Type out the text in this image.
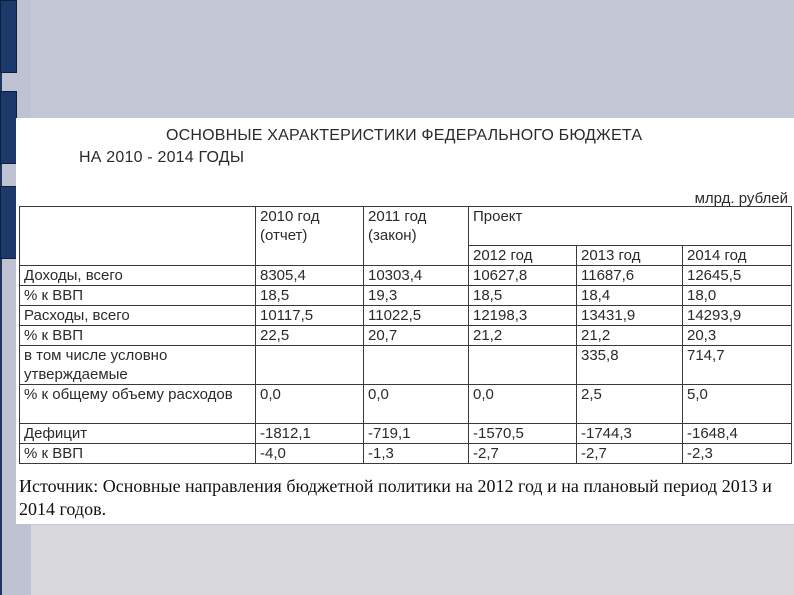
ОСНОВНЫЕ ХАРАКТЕРИСТИКИ ФЕДЕРАЛЬНОГО БЮДЖЕТА
НА 2010 - 2014 ГОДЫ
млрд. рублей
	2010 год (отчет)	2011 год (закон)	Проект		
			2012 год	2013 год	2014 год
Доходы, всего	8305,4	10303,4	10627,8	11687,6	12645,5
% к ВВП	18,5	19,3	18,5	18,4	18,0
Расходы, всего	10117,5	11022,5	12198,3	13431,9	14293,9
% к ВВП	22,5	20,7	21,2	21,2	20,3
в том числе условно утверждаемые				335,8	714,7
% к общему объему расходов	0,0	0,0	0,0	2,5	5,0
Дефицит	-1812,1	-719,1	-1570,5	-1744,3	-1648,4
% к ВВП	-4,0	-1,3	-2,7	-2,7	-2,3
Источник: Основные направления бюджетной политики на 2012 год и на плановый период 2013 и 2014 годов.
